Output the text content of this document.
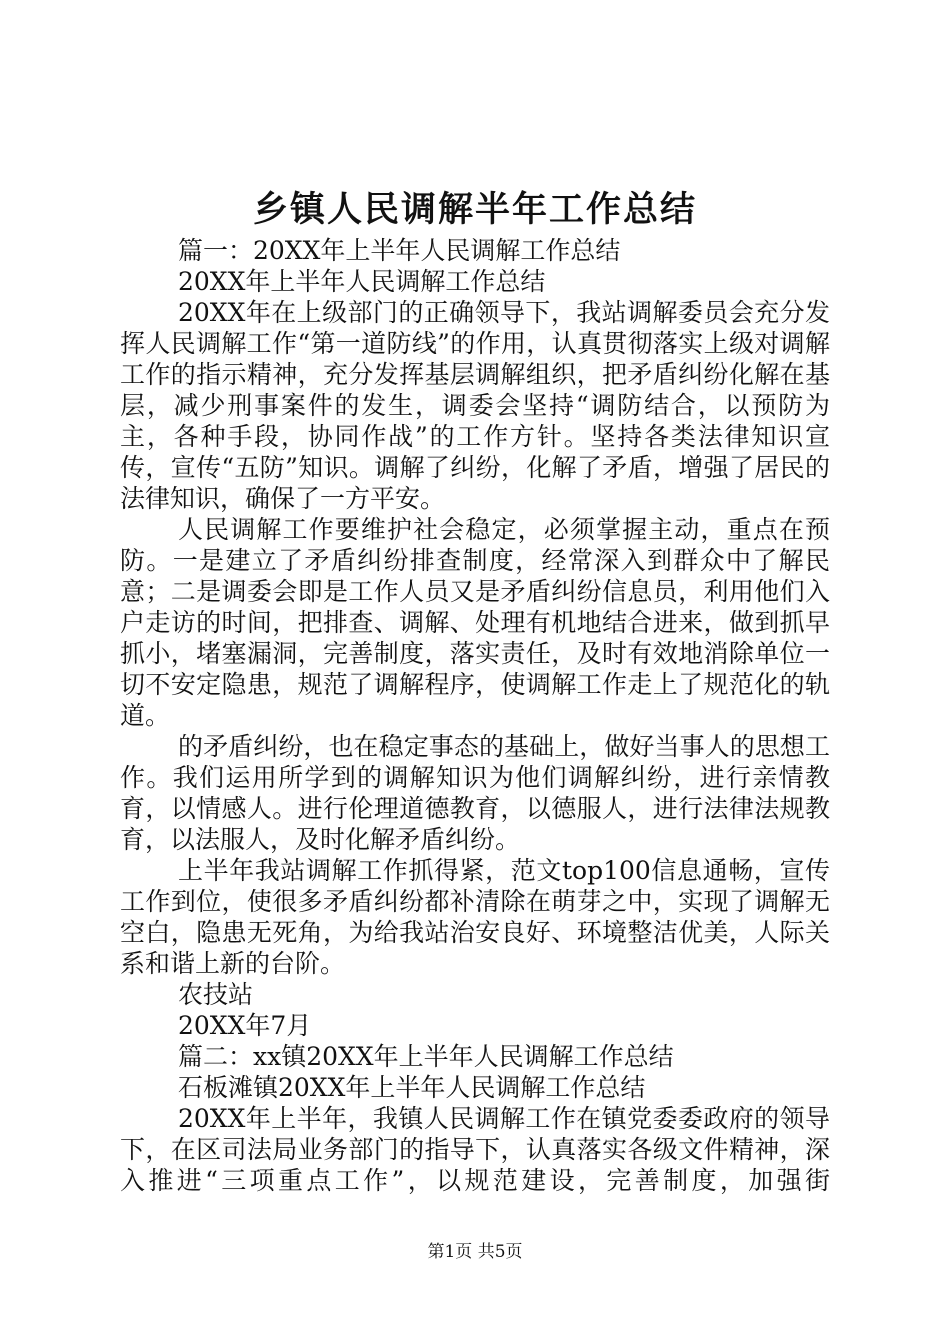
乡镇人民调解半年工作总结

篇一：20XX年上半年人民调解工作总结

20XX年上半年人民调解工作总结

20XX年在上级部门的正确领导下，我站调解委员会充分发挥人民调解工作“第一道防线”的作用，认真贯彻落实上级对调解工作的指示精神，充分发挥基层调解组织，把矛盾纠纷化解在基层，减少刑事案件的发生，调委会坚持“调防结合，以预防为主，各种手段，协同作战”的工作方针。坚持各类法律知识宣传，宣传“五防”知识。调解了纠纷，化解了矛盾，增强了居民的法律知识，确保了一方平安。

人民调解工作要维护社会稳定，必须掌握主动，重点在预防。一是建立了矛盾纠纷排查制度，经常深入到群众中了解民意；二是调委会即是工作人员又是矛盾纠纷信息员，利用他们入户走访的时间，把排查、调解、处理有机地结合进来，做到抓早抓小，堵塞漏洞，完善制度，落实责任，及时有效地消除单位一切不安定隐患，规范了调解程序，使调解工作走上了规范化的轨道。

的矛盾纠纷，也在稳定事态的基础上，做好当事人的思想工作。我们运用所学到的调解知识为他们调解纠纷，进行亲情教育，以情感人。进行伦理道德教育，以德服人，进行法律法规教育，以法服人，及时化解矛盾纠纷。

上半年我站调解工作抓得紧，范文top100信息通畅，宣传工作到位，使很多矛盾纠纷都补清除在萌芽之中，实现了调解无空白，隐患无死角，为给我站治安良好、环境整洁优美，人际关系和谐上新的台阶。

农技站

20XX年7月

篇二：xx镇20XX年上半年人民调解工作总结

石板滩镇20XX年上半年人民调解工作总结

20XX年上半年，我镇人民调解工作在镇党委委政府的领导下，在区司法局业务部门的指导下，认真落实各级文件精神，深入推进“三项重点工作”，以规范建设，完善制度，加强街

第1页 共5页
